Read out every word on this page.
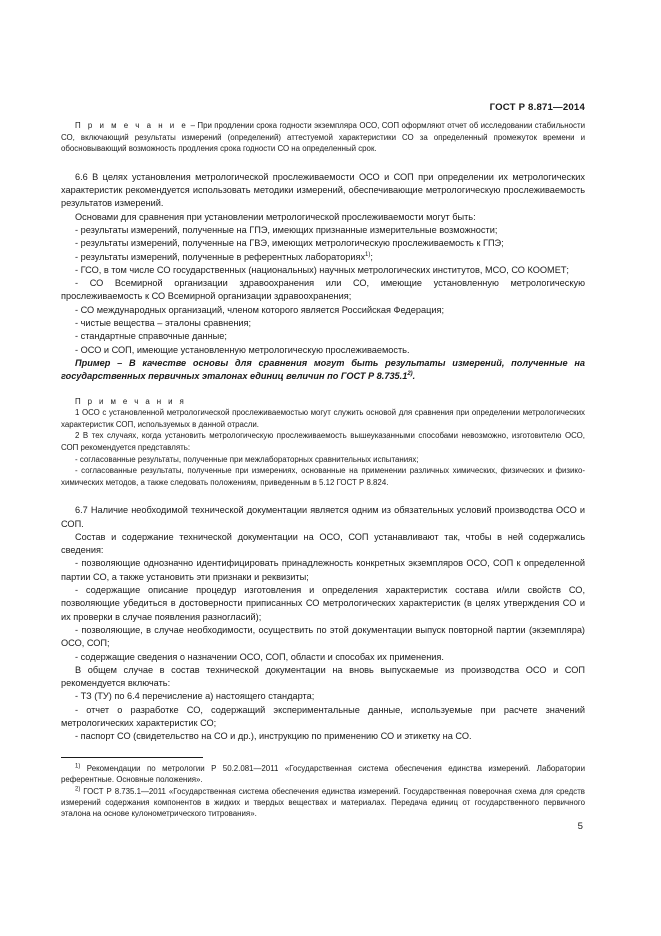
ГОСТ Р 8.871—2014

П р и м е ч а н и е – При продлении срока годности экземпляра ОСО, СОП оформляют отчет об исследовании стабильности СО, включающий результаты измерений (определений) аттестуемой характеристики СО за определенный промежуток времени и обосновывающий возможность продления срока годности СО на определенный срок.

6.6 В целях установления метрологической прослеживаемости ОСО и СОП при определении их метрологических характеристик рекомендуется использовать методики измерений, обеспечивающие метрологическую прослеживаемость результатов измерений.

Основами для сравнения при установлении метрологической прослеживаемости могут быть:

- результаты измерений, полученные на ГПЭ, имеющих признанные измерительные возможности;

- результаты измерений, полученные на ГВЭ, имеющих метрологическую прослеживаемость к ГПЭ;

- результаты измерений, полученные в референтных лабораториях$^{1)}$;

- ГСО, в том числе СО государственных (национальных) научных метрологических институтов, МСО, СО КООМЕТ;

- СО Всемирной организации здравоохранения или СО, имеющие установленную метрологическую прослеживаемость к СО Всемирной организации здравоохранения;

- СО международных организаций, членом которого является Российская Федерация;

- чистые вещества – эталоны сравнения;

- стандартные справочные данные;

- ОСО и СОП, имеющие установленную метрологическую прослеживаемость.

Пример – В качестве основы для сравнения могут быть результаты измерений, полученные на государственных первичных эталонах единиц величин по ГОСТ Р 8.735.1$^{2)}$.

П р и м е ч а н и я

1 ОСО с установленной метрологической прослеживаемостью могут служить основой для сравнения при определении метрологических характеристик СОП, используемых в данной отрасли.

2 В тех случаях, когда установить метрологическую прослеживаемость вышеуказанными способами невозможно, изготовителю ОСО, СОП рекомендуется представлять:

- согласованные результаты, полученные при межлабораторных сравнительных испытаниях;

- согласованные результаты, полученные при измерениях, основанные на применении различных химических, физических и физико-химических методов, а также следовать положениям, приведенным в 5.12 ГОСТ Р 8.824.

6.7 Наличие необходимой технической документации является одним из обязательных условий производства ОСО и СОП.

Состав и содержание технической документации на ОСО, СОП устанавливают так, чтобы в ней содержались сведения:

- позволяющие однозначно идентифицировать принадлежность конкретных экземпляров ОСО, СОП к определенной партии СО, а также установить эти признаки и реквизиты;

- содержащие описание процедур изготовления и определения характеристик состава и/или свойств СО, позволяющие убедиться в достоверности приписанных СО метрологических характеристик (в целях утверждения СО и их проверки в случае появления разногласий);

- позволяющие, в случае необходимости, осуществить по этой документации выпуск повторной партии (экземпляра) ОСО, СОП;

- содержащие сведения о назначении ОСО, СОП, области и способах их применения.

В общем случае в состав технической документации на вновь выпускаемые из производства ОСО и СОП рекомендуется включать:

- ТЗ (ТУ) по 6.4 перечисление а) настоящего стандарта;

- отчет о разработке СО, содержащий экспериментальные данные, используемые при расчете значений метрологических характеристик СО;

- паспорт СО (свидетельство на СО и др.), инструкцию по применению СО и этикетку на СО.

$^{1)}$ Рекомендации по метрологии Р 50.2.081—2011 «Государственная система обеспечения единства измерений. Лаборатории референтные. Основные положения».

$^{2)}$ ГОСТ Р 8.735.1—2011 «Государственная система обеспечения единства измерений. Государственная поверочная схема для средств измерений содержания компонентов в жидких и твердых веществах и материалах. Передача единиц от государственного первичного эталона на основе кулонометрического титрования».

5
